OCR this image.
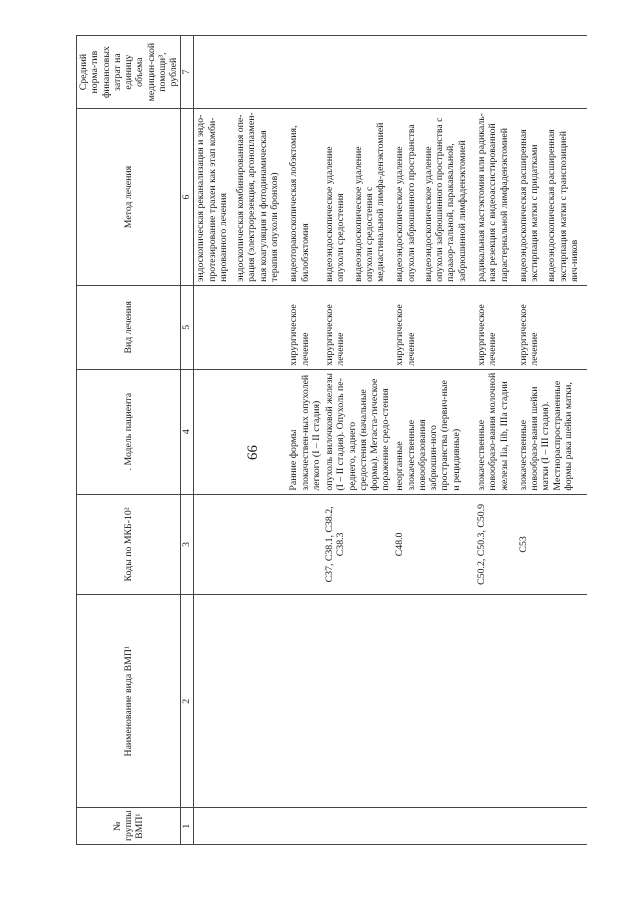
99
№ группы ВМП¹	Наименование вида ВМП¹	Коды по МКБ-10²	. Модель пациента	Вид лечения	Метод лечения	Средний норма-тив финансовых затрат на единицу объема медицин-ской помощи³, рублей
1	2	3	4	5	6	7

					эндоскопическая реканализация и эндо-протезирование трахеи как этап комби-нированного лечения эндоскопическая комбинированная опе-рация (электрорезекция, аргоноплазмен-ная коагуляция и фотодинамическая терапия опухоли бронхов)	

			Ранние формы злокачествен-ных опухолей легкого (I – II стадия)	хирургическое лечение	видеоторакоскопическая лобэктомия, билобэктомия	

		C37, C38.1, C38.2, C38.3	опухоль вилочковой железы (I – II стадия). Опухоль пе-реднего, заднего средостения (начальные формы). Метаста-тическое поражение средо-стения	хирургическое лечение	видеоэндоскопическое удаление опухоли средостения видеоэндоскопическое удаление опухоли средостения с медиастинальной лимфа-денэктомией	

		C48.0	неорганные злокачественные новообразования забрюшин-ного пространства (первич-ные и рецидивные)	хирургическое лечение	видеоэндоскопическое удаление опухоли забрюшинного пространства видеоэндоскопическое удаление опухоли забрюшинного пространства с парааор-тальной, паракавальной, забрюшинной лимфаденэктомией	

		C50.2, C50.3, C50.9	злокачественные новообразо-вания молочной железы Iia, Iib, IIIa стадии	хирургическое лечение	радикальная мастэктомия или радикаль-ная резекция с видеоассистированной парастернальной лимфаденэктомией	

		C53	злокачественные новообразо-вания шейки матки (I – III стадия). Местнораспространенные формы рака шейки матки,	хирургическое лечение	видеоэндоскопическая расширенная экстирпация матки с придатками видеоэндоскопическая расширенная экстирпация матки с транспозицией яич-ников	
